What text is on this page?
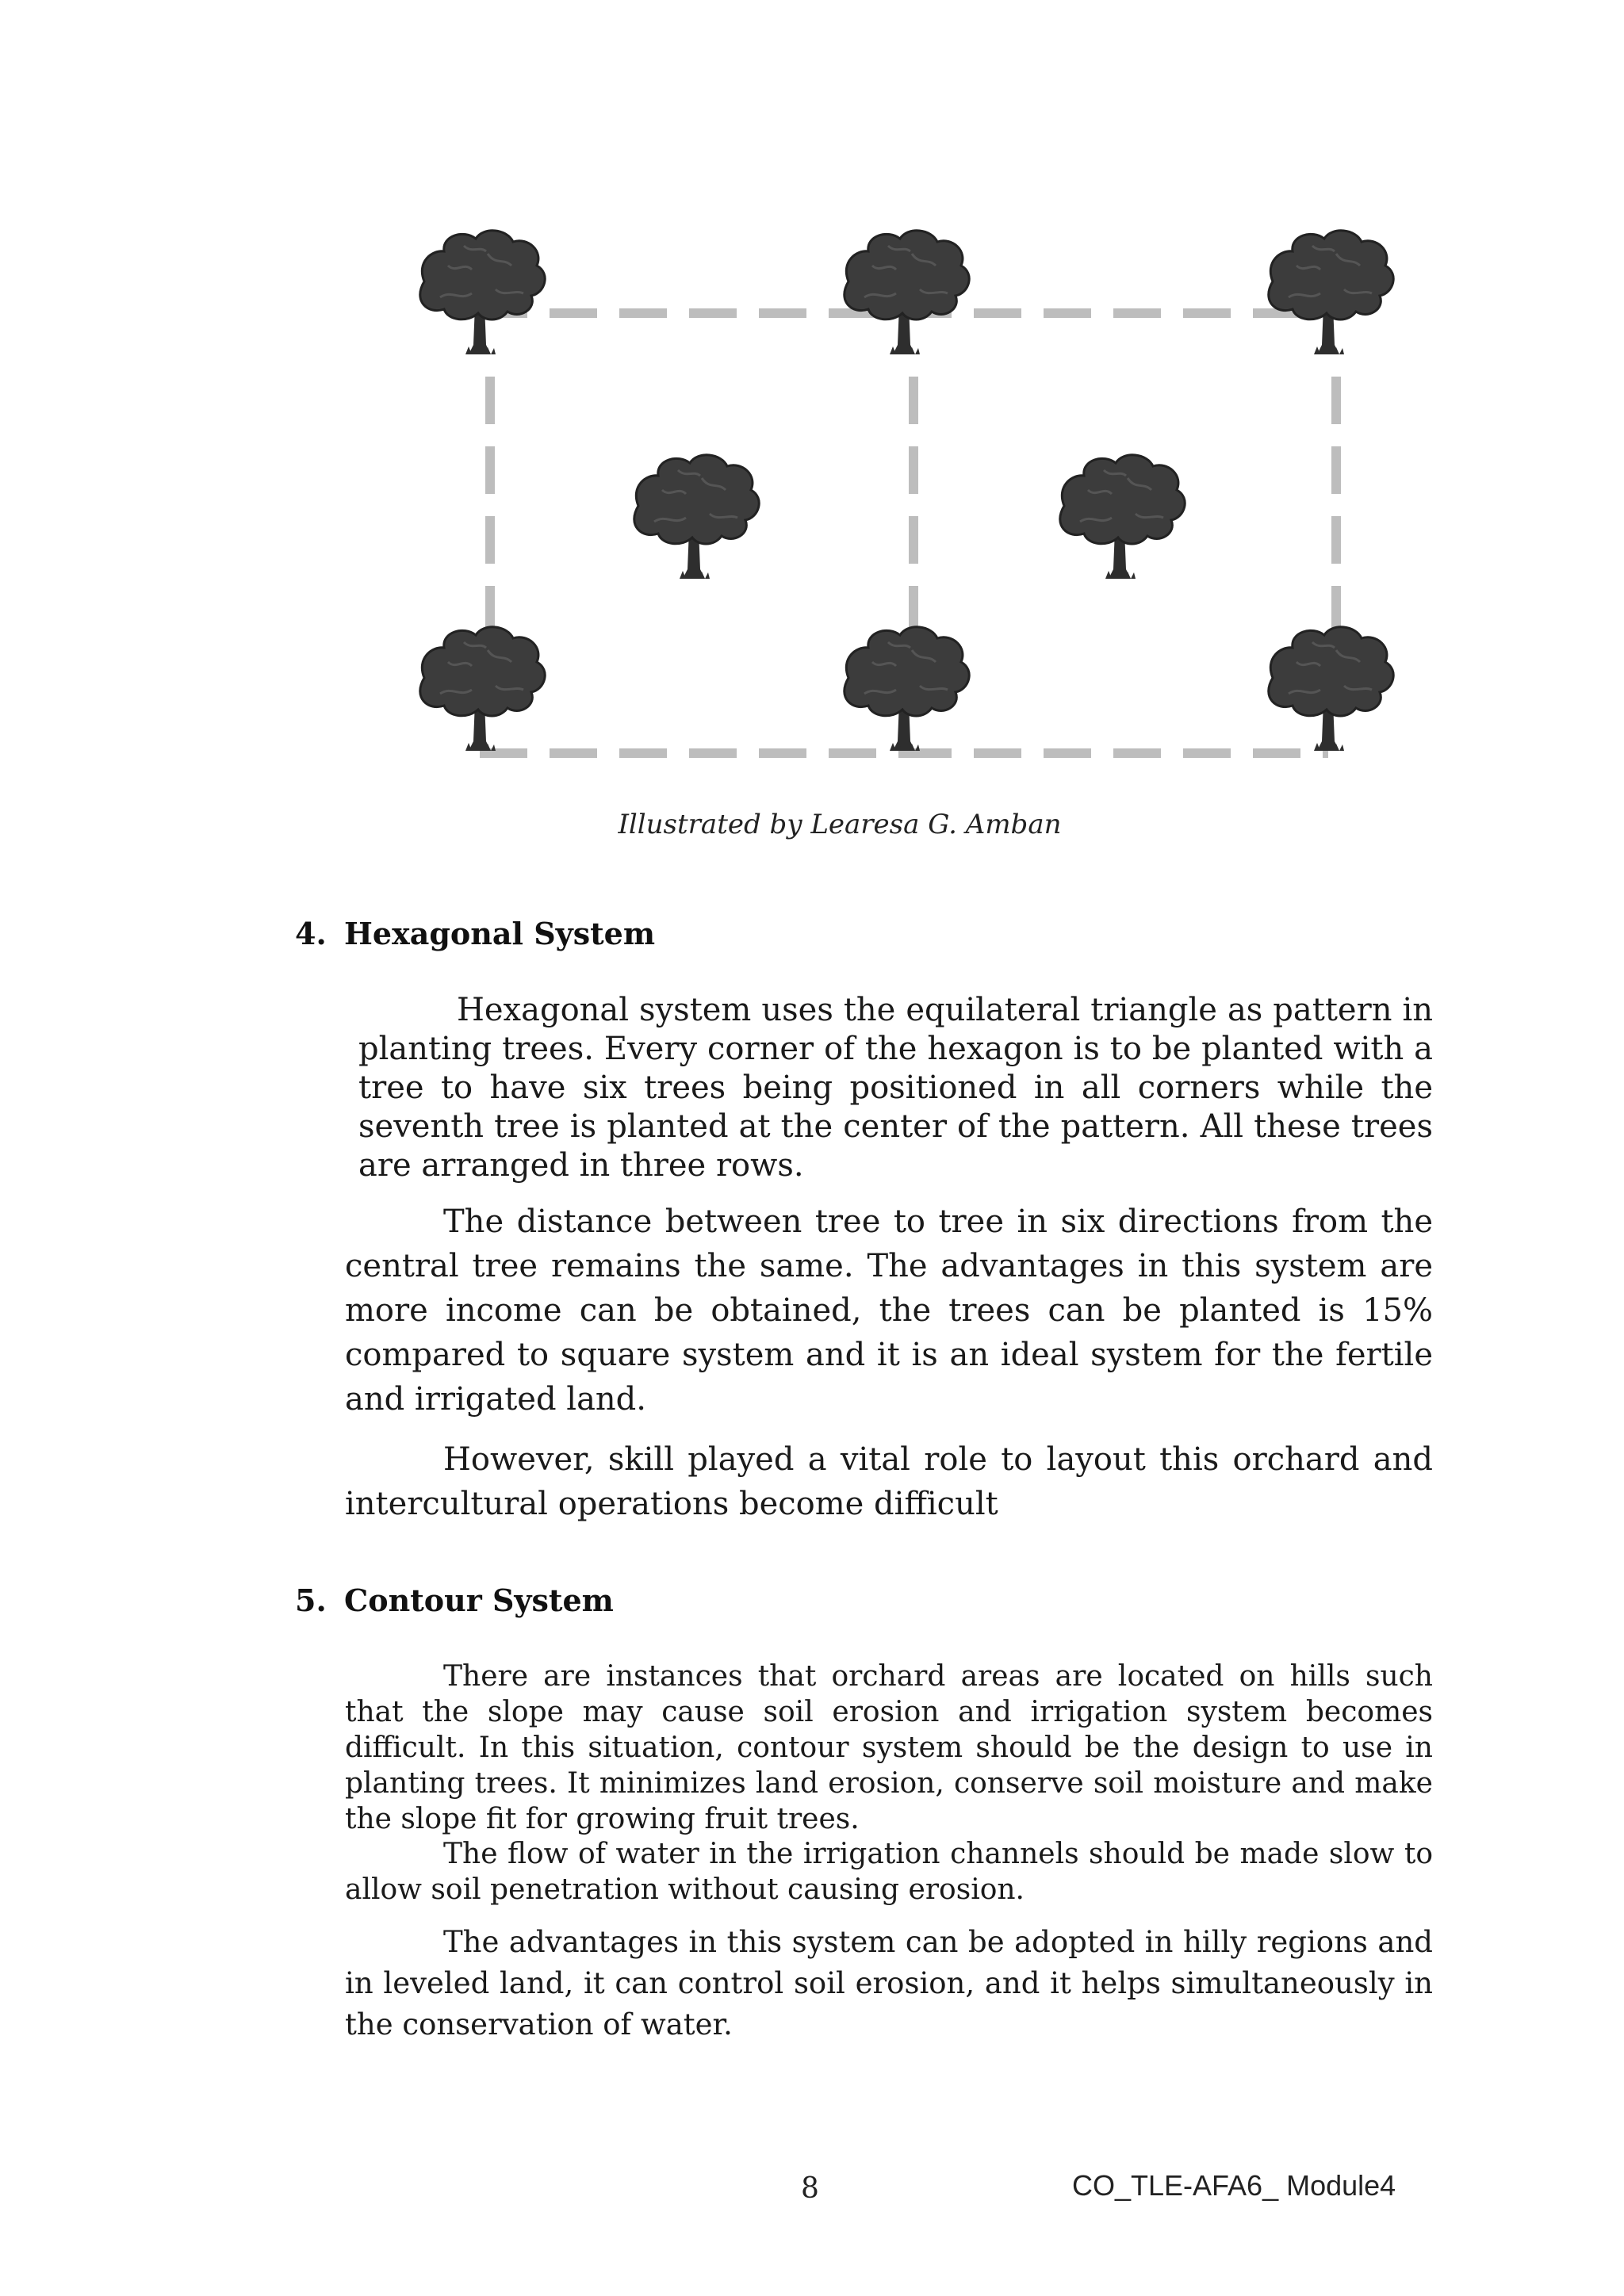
Illustrated by Learesa G. Amban
4. Hexagonal System

Hexagonal system uses the equilateral triangle as pattern in planting trees. Every corner of the hexagon is to be planted with a tree to have six trees being positioned in all corners while the seventh tree is planted at the center of the pattern. All these trees are arranged in three rows.

The distance between tree to tree in six directions from the central tree remains the same. The advantages in this system are more income can be obtained, the trees can be planted is 15% compared to square system and it is an ideal system for the fertile and irrigated land.

However, skill played a vital role to layout this orchard and intercultural operations become difficult

5. Contour System

There are instances that orchard areas are located on hills such that the slope may cause soil erosion and irrigation system becomes difficult. In this situation, contour system should be the design to use in planting trees. It minimizes land erosion, conserve soil moisture and make the slope fit for growing fruit trees.

The flow of water in the irrigation channels should be made slow to allow soil penetration without causing erosion.

The advantages in this system can be adopted in hilly regions and in leveled land, it can control soil erosion, and it helps simultaneously in the conservation of water.

8	CO_TLE-AFA6_ Module4
